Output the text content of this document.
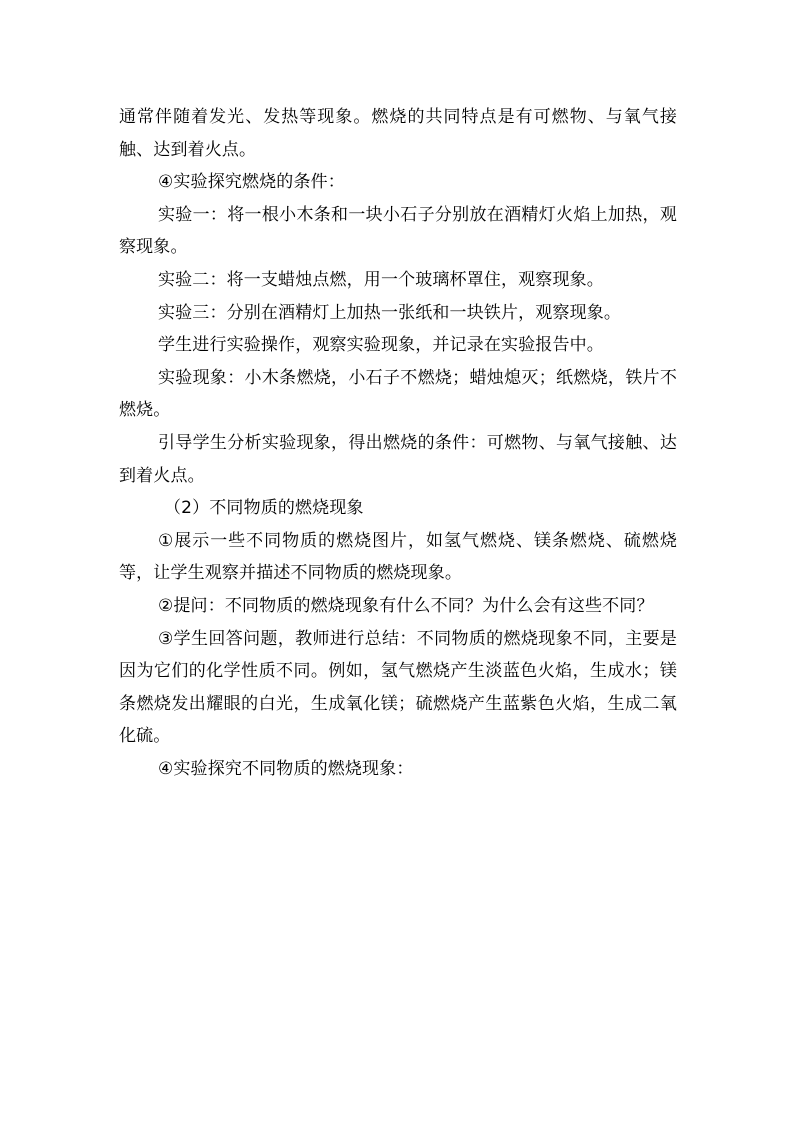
通常伴随着发光、发热等现象。燃烧的共同特点是有可燃物、与氧气接触、达到着火点。

④实验探究燃烧的条件：

实验一：将一根小木条和一块小石子分别放在酒精灯火焰上加热，观察现象。

实验二：将一支蜡烛点燃，用一个玻璃杯罩住，观察现象。

实验三：分别在酒精灯上加热一张纸和一块铁片，观察现象。

学生进行实验操作，观察实验现象，并记录在实验报告中。

实验现象：小木条燃烧，小石子不燃烧；蜡烛熄灭；纸燃烧，铁片不燃烧。

引导学生分析实验现象，得出燃烧的条件：可燃物、与氧气接触、达到着火点。

（2）不同物质的燃烧现象

①展示一些不同物质的燃烧图片，如氢气燃烧、镁条燃烧、硫燃烧等，让学生观察并描述不同物质的燃烧现象。

②提问：不同物质的燃烧现象有什么不同？为什么会有这些不同？

③学生回答问题，教师进行总结：不同物质的燃烧现象不同，主要是因为它们的化学性质不同。例如，氢气燃烧产生淡蓝色火焰，生成水；镁条燃烧发出耀眼的白光，生成氧化镁；硫燃烧产生蓝紫色火焰，生成二氧化硫。

④实验探究不同物质的燃烧现象：
